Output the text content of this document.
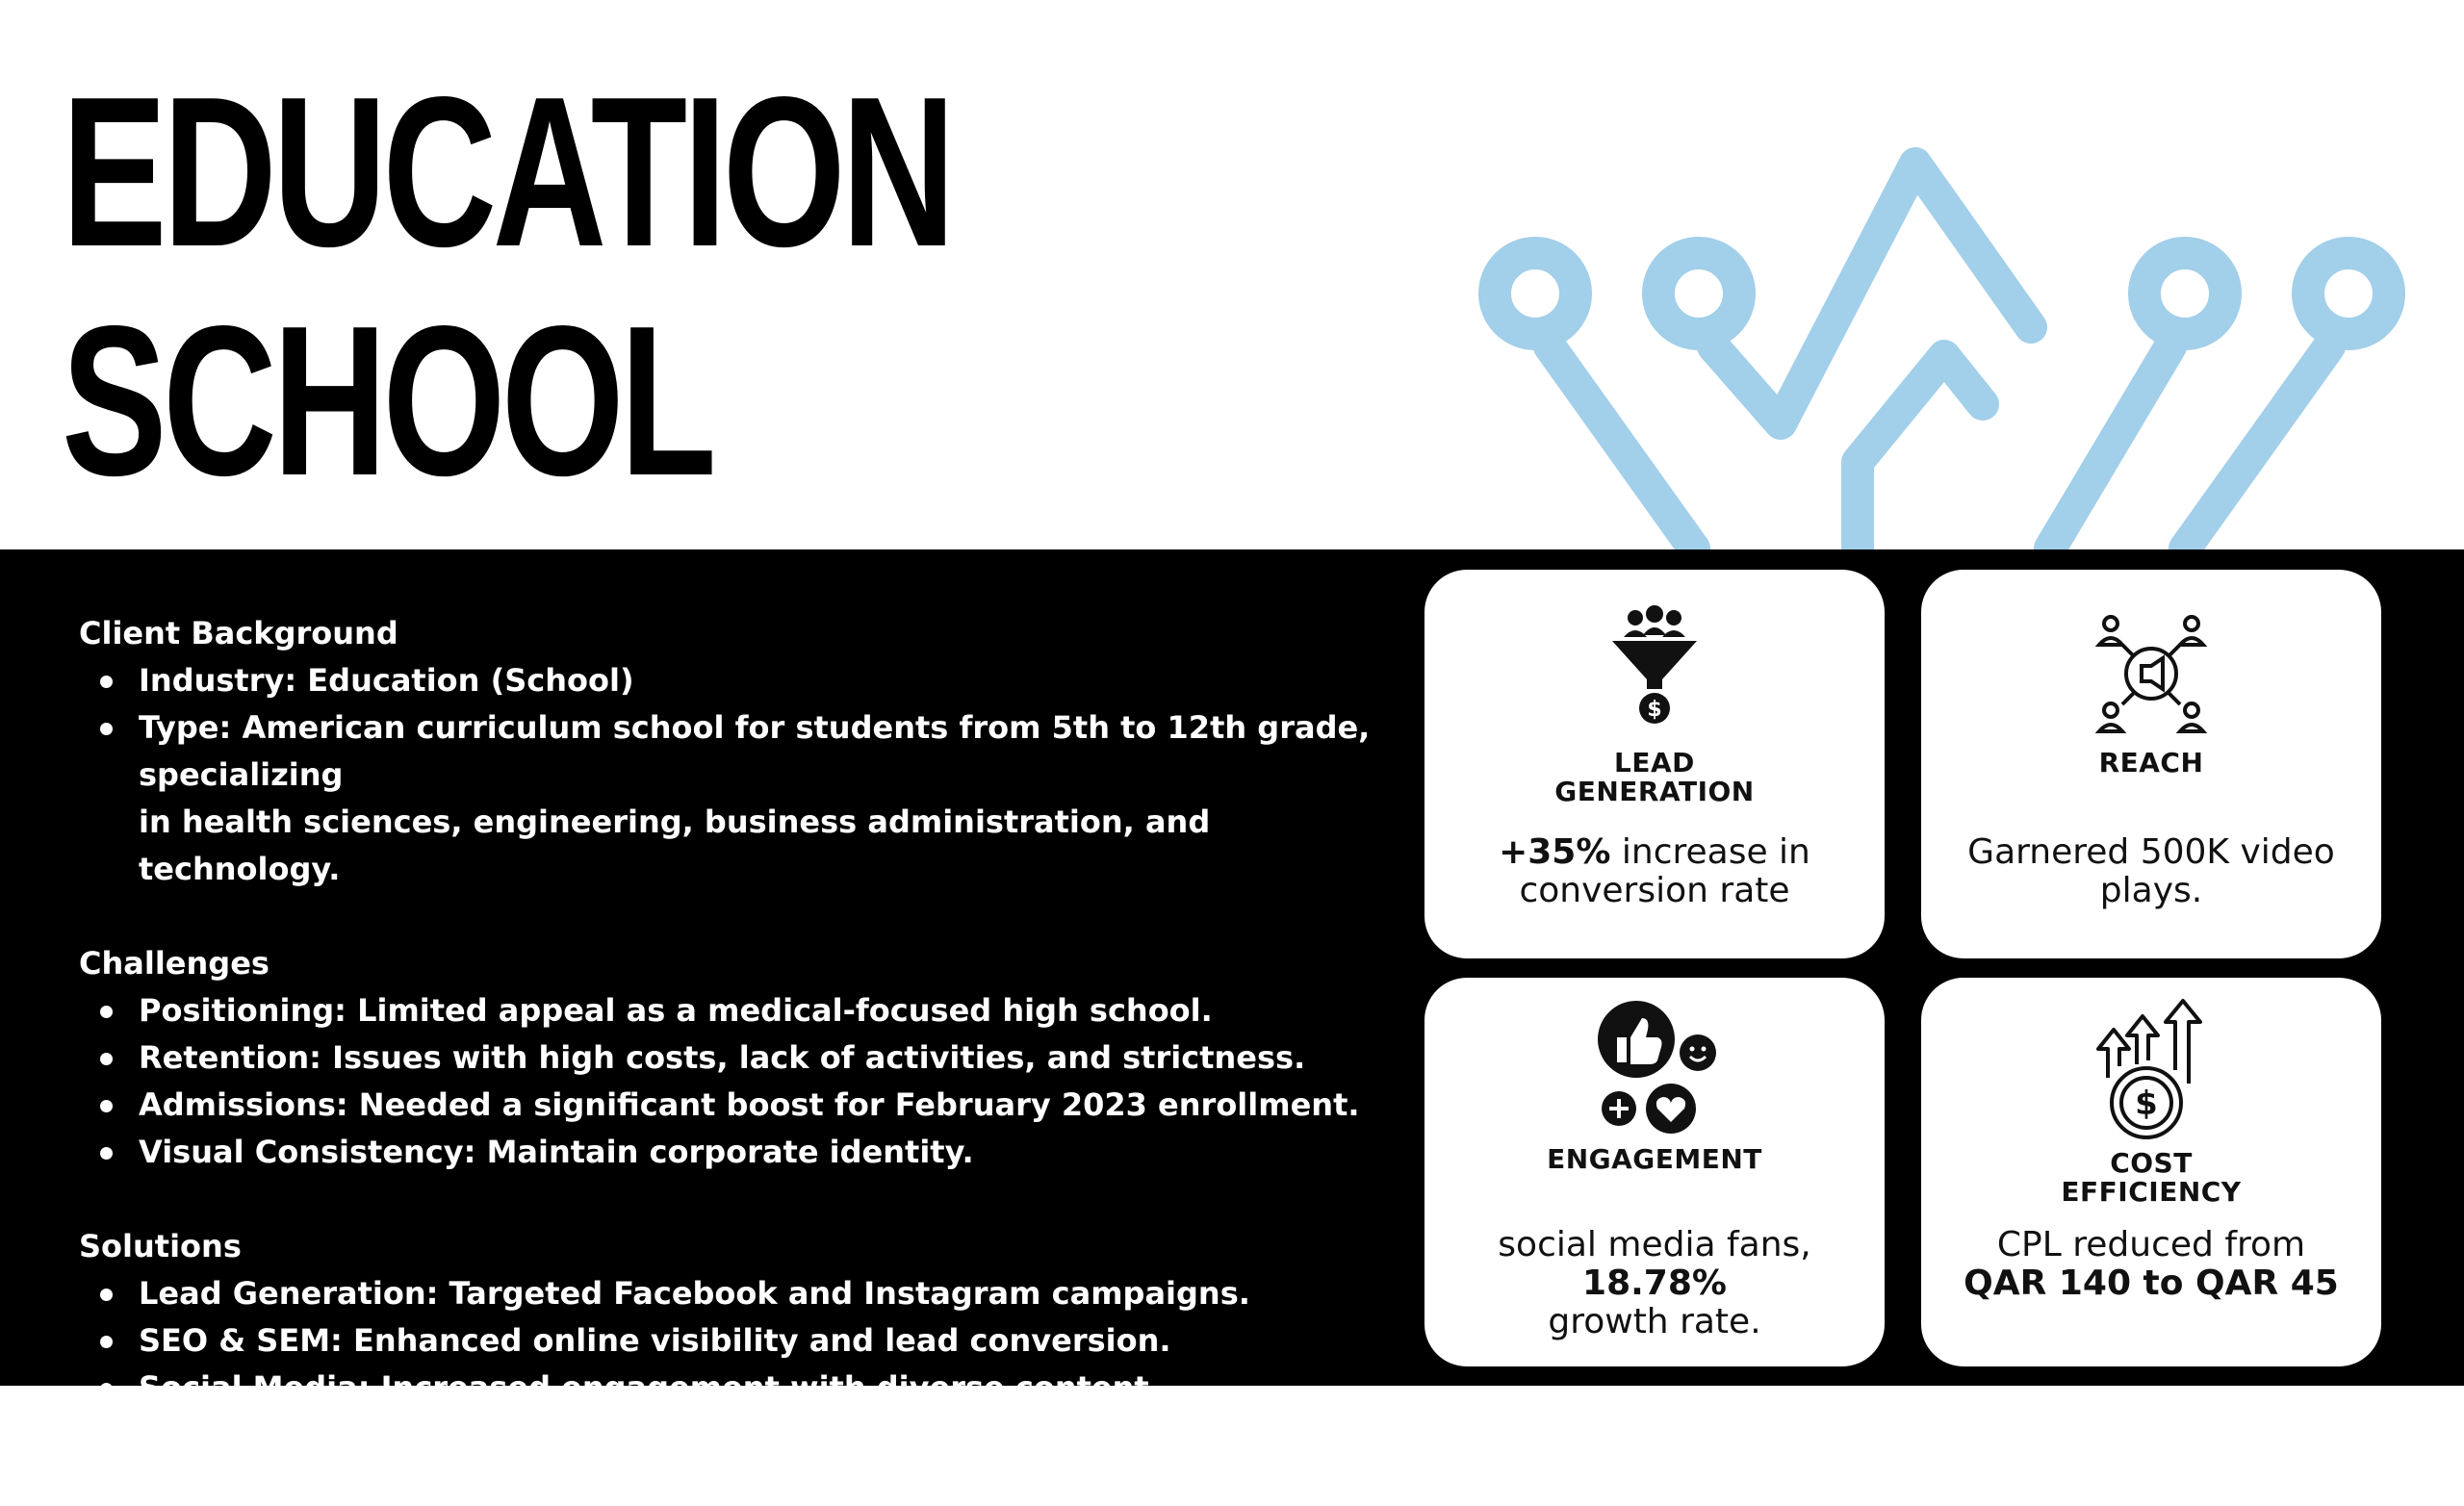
EDUCATION
SCHOOL
Client Background
Industry: Education (School)
Type: American curriculum school for students from 5th to 12th grade, specializing
in health sciences, engineering, business administration, and technology.
Challenges
Positioning: Limited appeal as a medical-focused high school.
Retention: Issues with high costs, lack of activities, and strictness.
Admissions: Needed a significant boost for February 2023 enrollment.
Visual Consistency: Maintain corporate identity.
Solutions
Lead Generation: Targeted Facebook and Instagram campaigns.
SEO & SEM: Enhanced online visibility and lead conversion.
Social Media: Increased engagement with diverse content.
Communication: Broadened messaging beyond the medical sector.
$
LEAD
GENERATION
+35% increase in
conversion rate
REACH
Garnered 500K video
plays.
ENGAGEMENT
social media fans, 18.78%
growth rate.
$
COST
EFFICIENCY
CPL reduced from
QAR 140 to QAR 45
